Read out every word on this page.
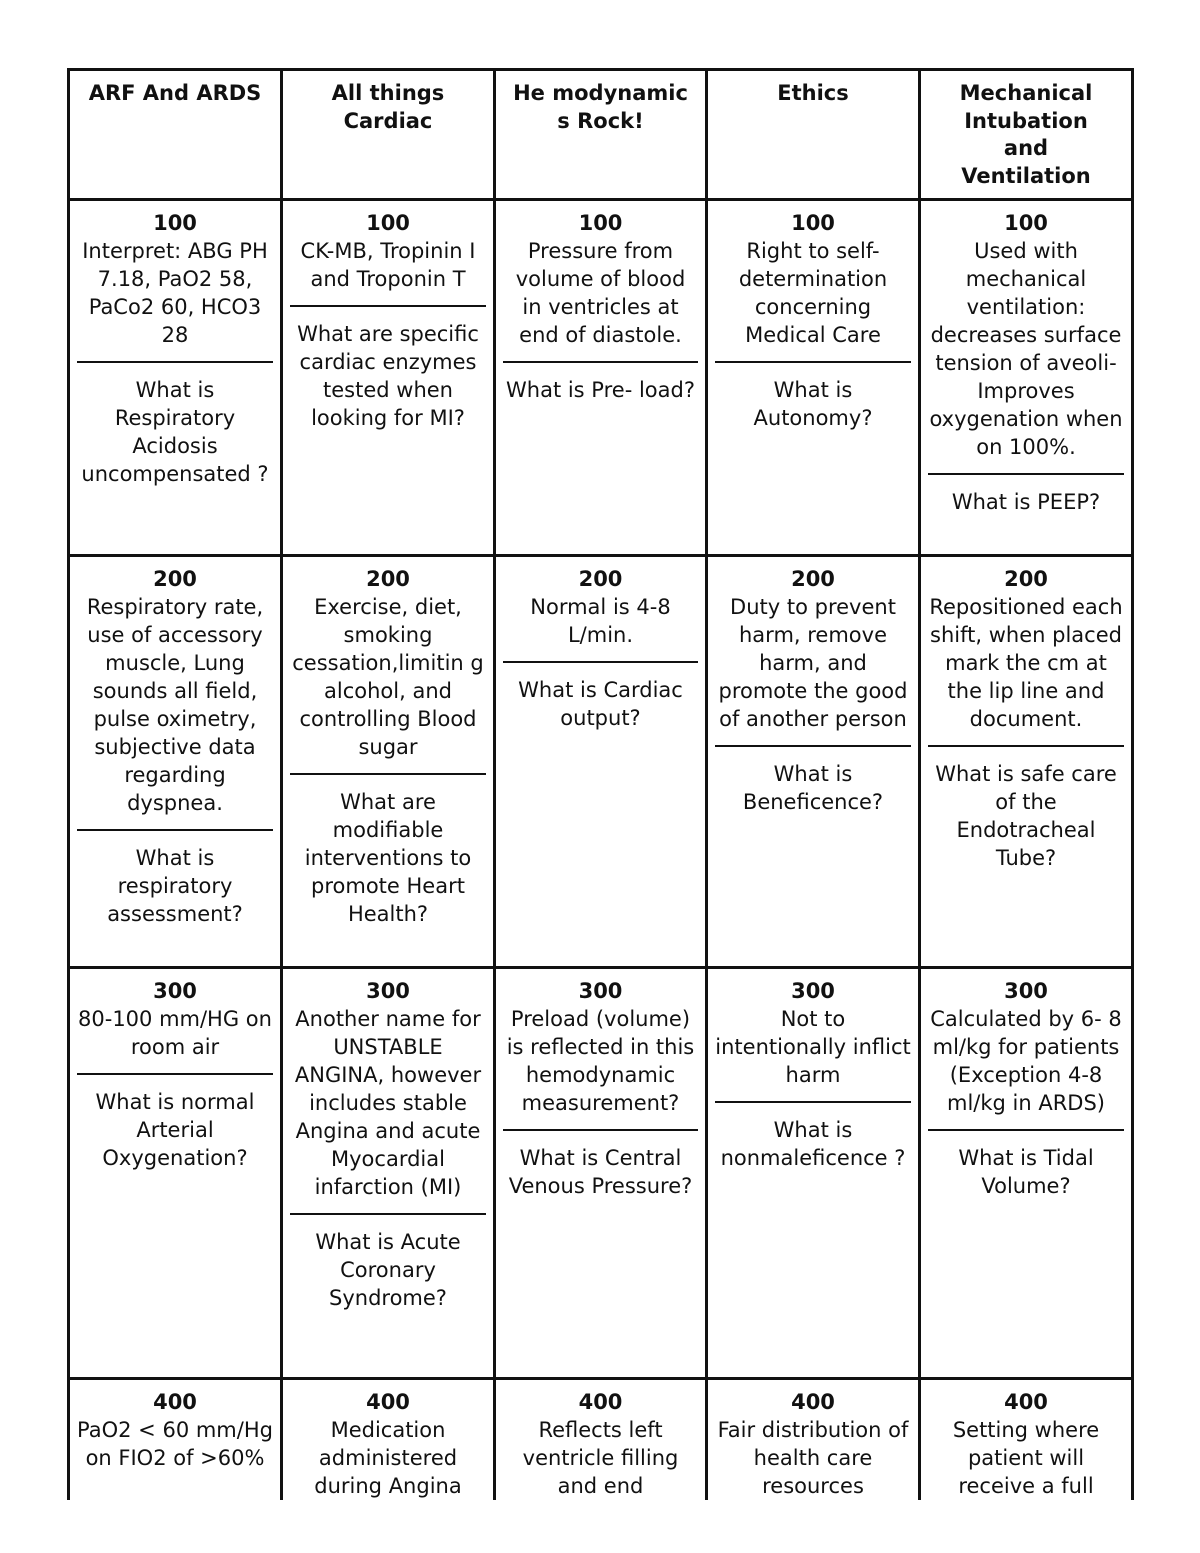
ARF And ARDS	All things
Cardiac
He modynamic
s Rock!
Ethics	Mechanical
Intubation
and
Ventilation
100
Interpret: ABG PH 7.18, PaO2 58, PaCo2 60, HCO3 28
What is Respiratory Acidosis uncompensated ?
100
CK-MB, Tropinin I and Troponin T
What are specific cardiac enzymes tested when looking for MI?
100
Pressure from volume of blood in ventricles at end of diastole.
What is Pre- load?
100
Right to self- determination concerning Medical Care
What is Autonomy?
100
Used with mechanical ventilation: decreases surface tension of aveoli- Improves oxygenation when on 100%.
What is PEEP?
200
Respiratory rate, use of accessory muscle, Lung sounds all field, pulse oximetry, subjective data regarding dyspnea.
What is respiratory assessment?
200
Exercise, diet, smoking cessation,limitin g alcohol, and controlling Blood sugar
What are modifiable interventions to promote Heart Health?
200
Normal is 4-8 L/min.
What is Cardiac output?
200
Duty to prevent harm, remove harm, and promote the good of another person
What is Beneficence?
200
Repositioned each shift, when placed mark the cm at the lip line and document.
What is safe care of the Endotracheal Tube?
300
80-100 mm/HG on room air
What is normal Arterial Oxygenation?
300
Another name for UNSTABLE ANGINA, however includes stable Angina and acute Myocardial infarction (MI)
What is Acute Coronary Syndrome?
300
Preload (volume) is reflected in this hemodynamic measurement?
What is Central Venous Pressure?
300
Not to intentionally inflict harm
What is nonmaleficence ?
300
Calculated by 6- 8 ml/kg for patients (Exception 4-8 ml/kg in ARDS)
What is Tidal Volume?
400
PaO2 < 60 mm/Hg on FIO2 of >60%
400
Medication administered during Angina
400
Reflects left ventricle filling and end
400
Fair distribution of health care resources
400
Setting where patient will receive a full
